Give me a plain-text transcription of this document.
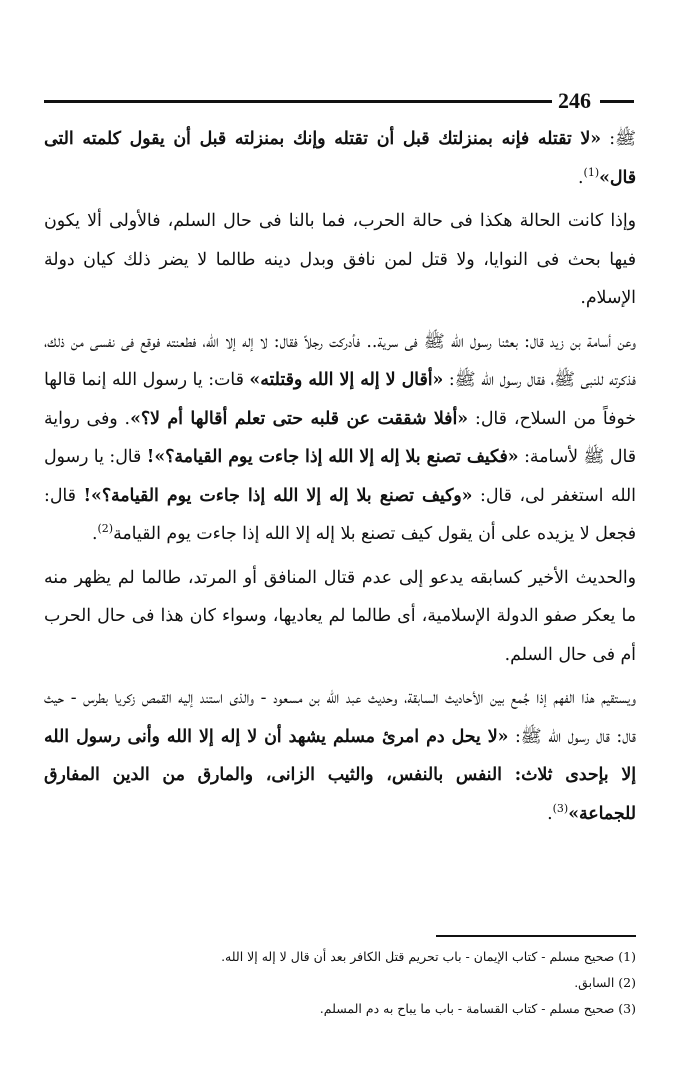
246

ﷺ: «لا تقتله فإنه بمنزلتك قبل أن تقتله وإنك بمنزلته قبل أن يقول كلمته التى قال»$^{(1)}$.

وإذا كانت الحالة هكذا فى حالة الحرب، فما بالنا فى حال السلم، فالأولى ألا يكون فيها بحث فى النوايا، ولا قتل لمن نافق وبدل دينه طالما لا يضر ذلك كيان دولة الإسلام.

وعن أسامة بن زيد قال: بعثنا رسول الله ﷺ فى سرية.. فأدركت رجلاً فقال: لا إله إلا الله، فطعنته فوقع فى نفسى من ذلك، فذكرته للنبى ﷺ، فقال رسول الله ﷺ: «أقال لا إله إلا الله وقتلته» قات: يا رسول الله إنما قالها خوفاً من السلاح، قال: «أفلا شققت عن قلبه حتى تعلم أقالها أم لا؟». وفى رواية قال ﷺ لأسامة: «فكيف تصنع بلا إله إلا الله إذا جاءت يوم القيامة؟»! قال: يا رسول الله استغفر لى، قال: «وكيف تصنع بلا إله إلا الله إذا جاءت يوم القيامة؟»! قال: فجعل لا يزيده على أن يقول كيف تصنع بلا إله إلا الله إذا جاءت يوم القيامة$^{(2)}$.

والحديث الأخير كسابقه يدعو إلى عدم قتال المنافق أو المرتد، طالما لم يظهر منه ما يعكر صفو الدولة الإسلامية، أى طالما لم يعاديها، وسواء كان هذا فى حال الحرب أم فى حال السلم.

ويستقيم هذا الفهم إذا جُمع بين الأحاديث السابقة، وحديث عبد الله بن مسعود - والذى استند إليه القمص زكريا بطرس - حيث قال: قال رسول الله ﷺ: «لا يحل دم امرئ مسلم يشهد أن لا إله إلا الله وأنى رسول الله إلا بإحدى ثلاث: النفس بالنفس، والثيب الزانى، والمارق من الدين المفارق للجماعة»$^{(3)}$.

(1) صحيح مسلم - كتاب الإيمان - باب تحريم قتل الكافر بعد أن قال لا إله إلا الله.

(2) السابق.

(3) صحيح مسلم - كتاب القسامة - باب ما يباح به دم المسلم.
